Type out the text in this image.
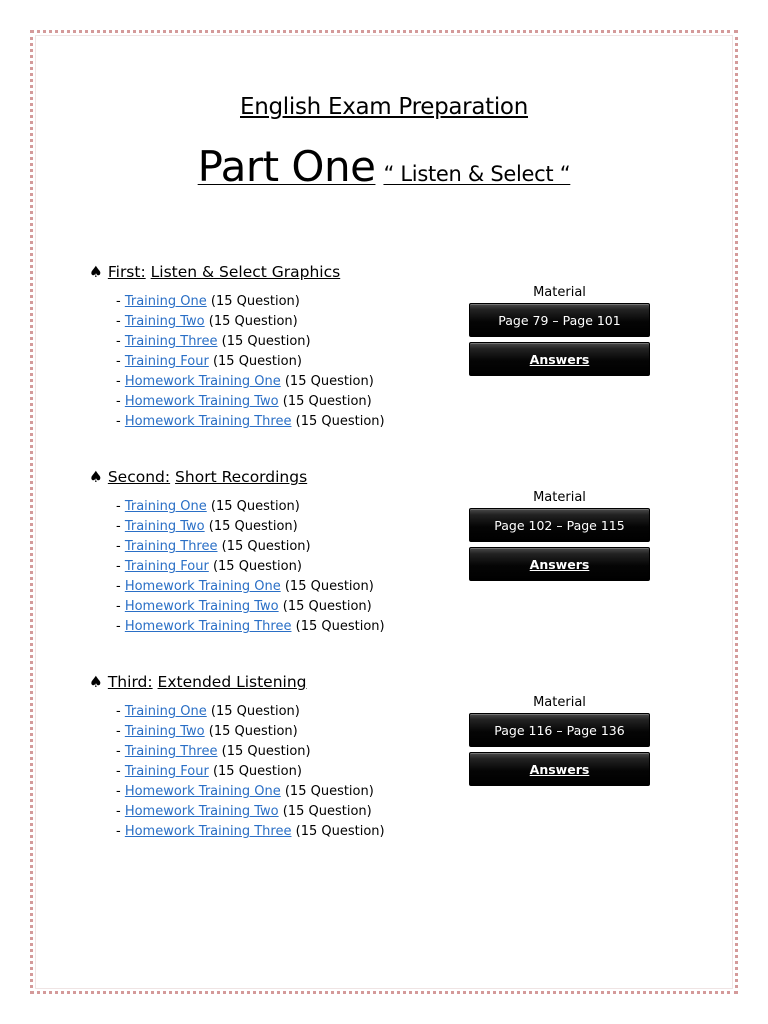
English Exam Preparation
Part One “ Listen & Select “
♠ First: Listen & Select Graphics
- Training One (15 Question)
- Training Two (15 Question)
- Training Three (15 Question)
- Training Four (15 Question)
- Homework Training One (15 Question)
- Homework Training Two (15 Question)
- Homework Training Three (15 Question)
Material
Page 79 – Page 101
Answers
♠ Second: Short Recordings
- Training One (15 Question)
- Training Two (15 Question)
- Training Three (15 Question)
- Training Four (15 Question)
- Homework Training One (15 Question)
- Homework Training Two (15 Question)
- Homework Training Three (15 Question)
Material
Page 102 – Page 115
Answers
♠ Third: Extended Listening
- Training One (15 Question)
- Training Two (15 Question)
- Training Three (15 Question)
- Training Four (15 Question)
- Homework Training One (15 Question)
- Homework Training Two (15 Question)
- Homework Training Three (15 Question)
Material
Page 116 – Page 136
Answers
